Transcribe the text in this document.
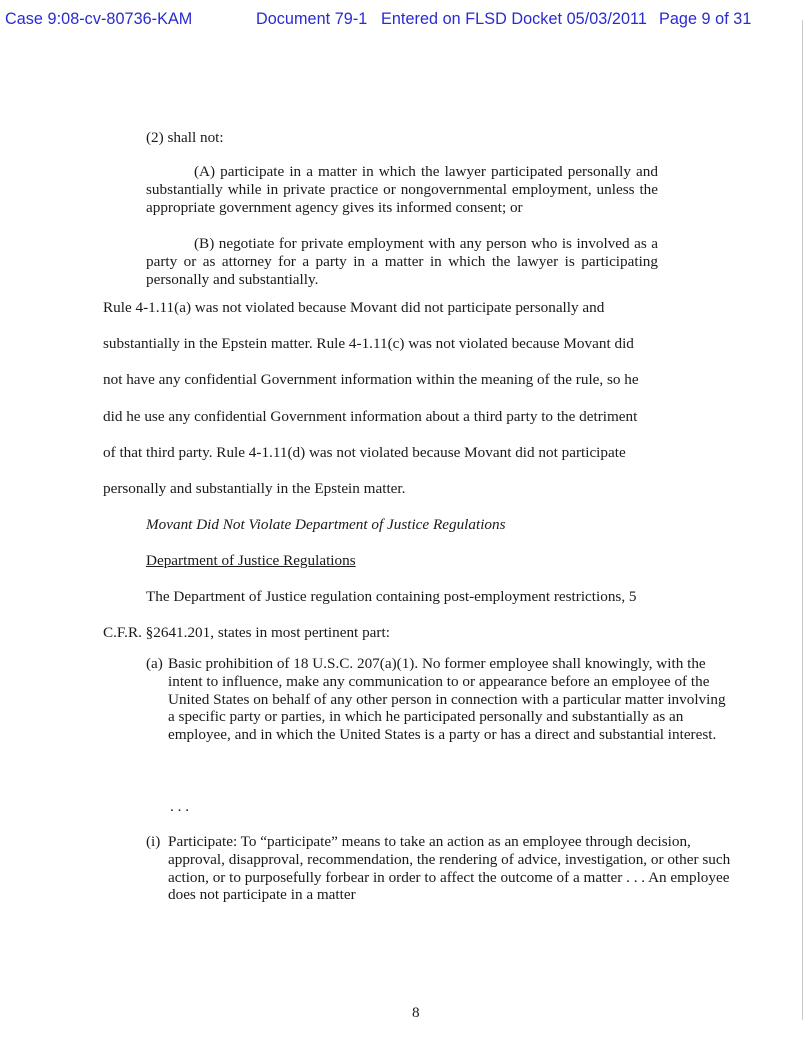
Case 9:08-cv-80736-KAM	Document 79-1 Entered on FLSD Docket 05/03/2011 Page 9 of 31

(2) shall not:

(A) participate in a matter in which the lawyer participated personally and substantially while in private practice or nongovernmental employment, unless the appropriate government agency gives its informed consent; or

(B) negotiate for private employment with any person who is involved as a party or as attorney for a party in a matter in which the lawyer is participating personally and substantially.

Rule 4-1.11(a) was not violated because Movant did not participate personally and

substantially in the Epstein matter. Rule 4-1.11(c) was not violated because Movant did

not have any confidential Government information within the meaning of the rule, so he

did he use any confidential Government information about a third party to the detriment

of that third party. Rule 4-1.11(d) was not violated because Movant did not participate

personally and substantially in the Epstein matter.

Movant Did Not Violate Department of Justice Regulations

Department of Justice Regulations

The Department of Justice regulation containing post-employment restrictions, 5

C.F.R. §2641.201, states in most pertinent part:

(a) Basic prohibition of 18 U.S.C. 207(a)(1). No former employee shall knowingly, with the intent to influence, make any communication to or appearance before an employee of the United States on behalf of any other person in connection with a particular matter involving a specific party or parties, in which he participated personally and substantially as an employee, and in which the United States is a party or has a direct and substantial interest.

. . .

(i) Participate: To “participate” means to take an action as an employee through decision, approval, disapproval, recommendation, the rendering of advice, investigation, or other such action, or to purposefully forbear in order to affect the outcome of a matter . . . An employee does not participate in a matter
8
